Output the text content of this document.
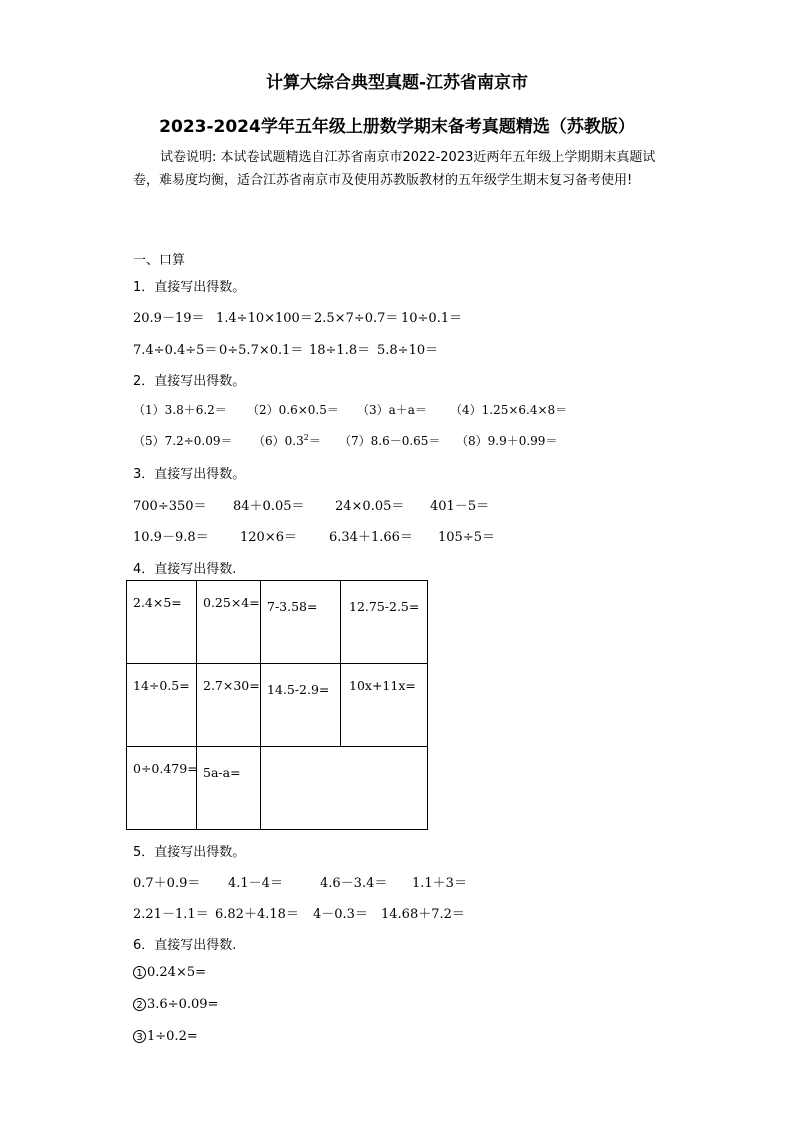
计算大综合典型真题-江苏省南京市
2023-2024学年五年级上册数学期末备考真题精选（苏教版）
试卷说明: 本试卷试题精选自江苏省南京市2022-2023近两年五年级上学期期末真题试卷，难易度均衡，适合江苏省南京市及使用苏教版教材的五年级学生期末复习备考使用!
一、口算
1．直接写出得数。
20.9－19＝ 1.4÷10×100＝ 2.5×7÷0.7＝ 10÷0.1＝
7.4÷0.4÷5＝ 0÷5.7×0.1＝ 18÷1.8＝ 5.8÷10＝
2．直接写出得数。
（1）3.8＋6.2＝ （2）0.6×0.5＝ （3）a＋a＝ （4）1.25×6.4×8＝
$(5)7.2\div 0.09= (6)0.3^2= (7)8.6-0.65= (8)9.9+0.99=$
3．直接写出得数。
700÷350＝ 84＋0.05＝ 24×0.05＝ 401－5＝
10.9－9.8＝ 120×6＝ 6.34＋1.66＝ 105÷5＝
4．直接写出得数.
2.4×5=	0.25×4=	7-3.58=	12.75-2.5=

14÷0.5=	2.7×30=	14.5-2.9=	10x+11x=

0÷0.479=	5a-a=		

5．直接写出得数。
0.7＋0.9＝ 4.1－4＝	4.6－3.4＝ 1.1＋3＝
2.21－1.1＝ 6.82＋4.18＝ 4－0.3＝ 14.68＋7.2＝
6．直接写出得数.
1 0.24×5=
2 3.6÷0.09=
3 1÷0.2=
